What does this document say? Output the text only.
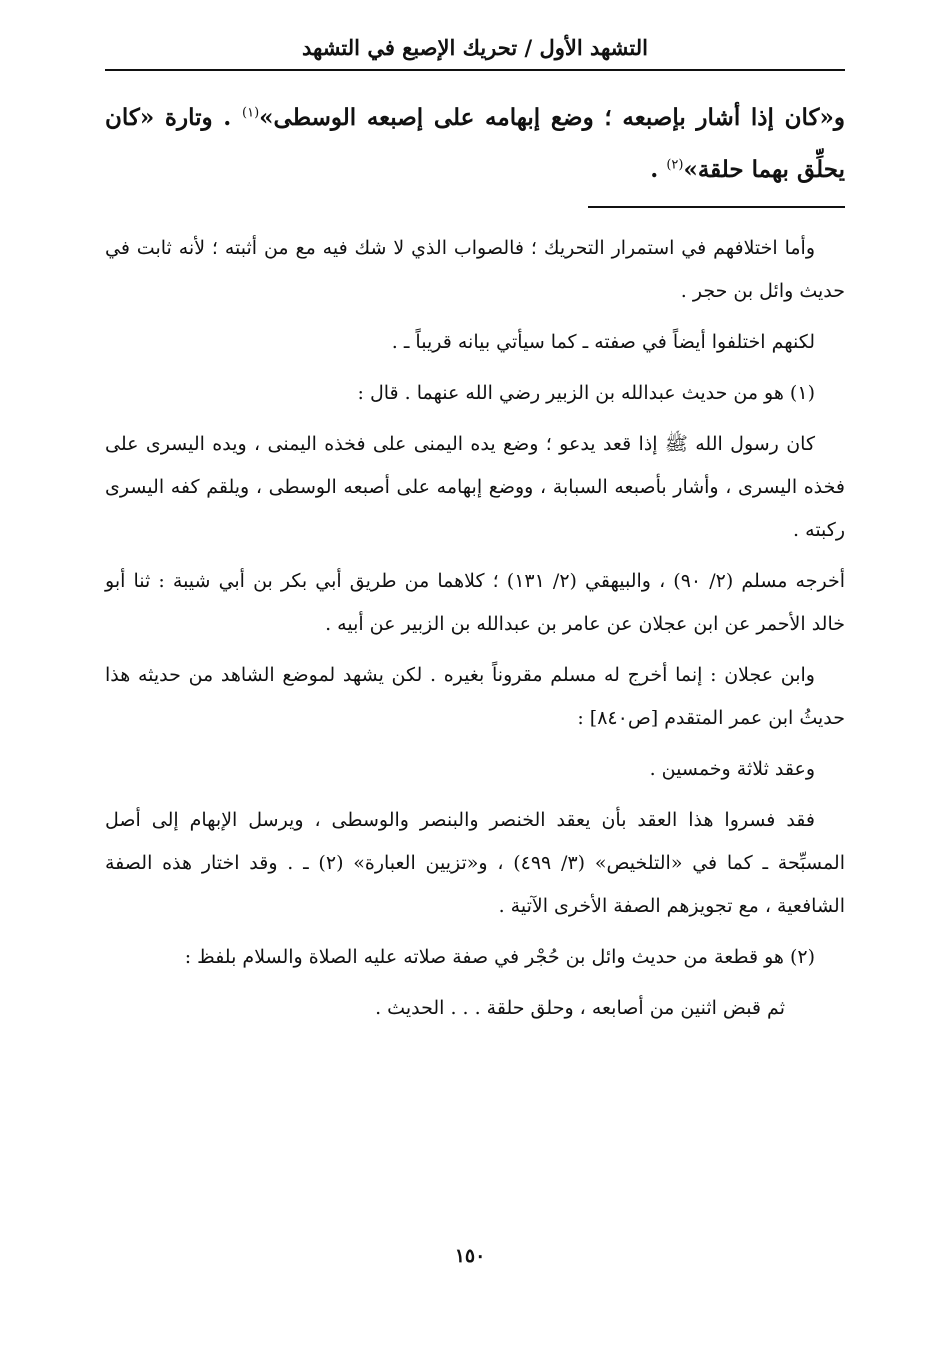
التشهد الأول / تحريك الإصبع في التشهد

و«كان إذا أشار بإصبعه ؛ وضع إبهامه على إصبعه الوسطى»$^{(١)}$ . وتارة «كان يحلِّق بهما حلقة»$^{(٢)}$ .

وأما اختلافهم في استمرار التحريك ؛ فالصواب الذي لا شك فيه مع من أثبته ؛ لأنه ثابت في حديث وائل بن حجر .

لكنهم اختلفوا أيضاً في صفته ـ كما سيأتي بيانه قريباً ـ .

(١) هو من حديث عبدالله بن الزبير رضي الله عنهما . قال :

كان رسول الله ﷺ إذا قعد يدعو ؛ وضع يده اليمنى على فخذه اليمنى ، ويده اليسرى على فخذه اليسرى ، وأشار بأصبعه السبابة ، ووضع إبهامه على أصبعه الوسطى ، ويلقم كفه اليسرى ركبته .

أخرجه مسلم (٢/ ٩٠) ، والبيهقي (٢/ ١٣١) ؛ كلاهما من طريق أبي بكر بن أبي شيبة : ثنا أبو خالد الأحمر عن ابن عجلان عن عامر بن عبدالله بن الزبير عن أبيه .

وابن عجلان : إنما أخرج له مسلم مقروناً بغيره . لكن يشهد لموضع الشاهد من حديثه هذا حديثُ ابن عمر المتقدم [ص٨٤٠] :

وعقد ثلاثة وخمسين .

فقد فسروا هذا العقد بأن يعقد الخنصر والبنصر والوسطى ، ويرسل الإبهام إلى أصل المسبِّحة ـ كما في «التلخيص» (٣/ ٤٩٩) ، و«تزيين العبارة» (٢) ـ . وقد اختار هذه الصفة الشافعية ، مع تجويزهم الصفة الأخرى الآتية .

(٢) هو قطعة من حديث وائل بن حُجْر في صفة صلاته عليه الصلاة والسلام بلفظ :

ثم قبض اثنين من أصابعه ، وحلق حلقة . . . الحديث .

١٥٠
